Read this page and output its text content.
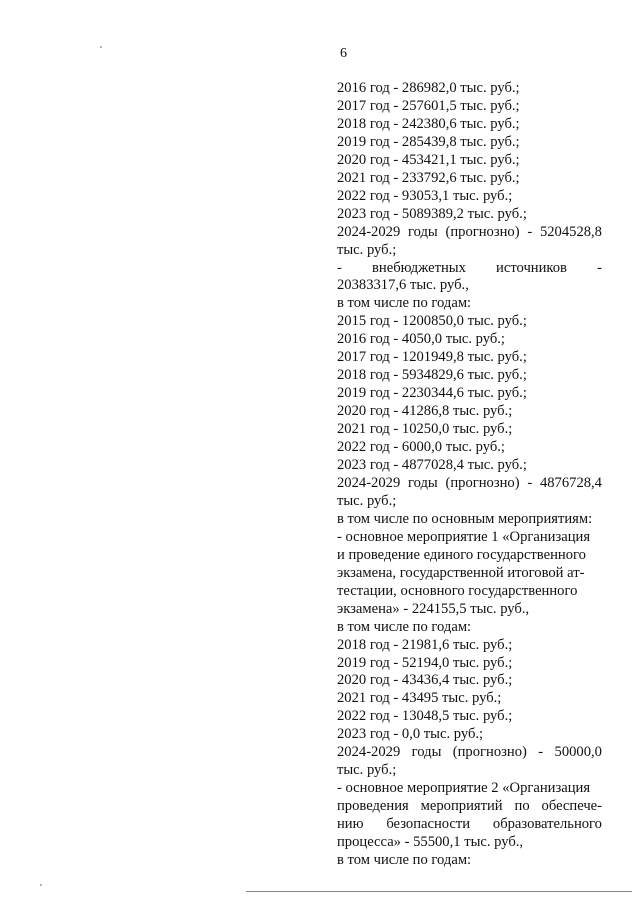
6
2016 год - 286982,0 тыс. руб.;
2017 год - 257601,5 тыс. руб.;
2018 год - 242380,6 тыс. руб.;
2019 год - 285439,8 тыс. руб.;
2020 год - 453421,1 тыс. руб.;
2021 год - 233792,6 тыс. руб.;
2022 год - 93053,1 тыс. руб.;
2023 год - 5089389,2 тыс. руб.;
2024-2029 годы (прогнозно) - 5204528,8
тыс. руб.;
- внебюджетных источников -
20383317,6 тыс. руб.,
в том числе по годам:
2015 год - 1200850,0 тыс. руб.;
2016 год - 4050,0 тыс. руб.;
2017 год - 1201949,8 тыс. руб.;
2018 год - 5934829,6 тыс. руб.;
2019 год - 2230344,6 тыс. руб.;
2020 год - 41286,8 тыс. руб.;
2021 год - 10250,0 тыс. руб.;
2022 год - 6000,0 тыс. руб.;
2023 год - 4877028,4 тыс. руб.;
2024-2029 годы (прогнозно) - 4876728,4
тыс. руб.;
в том числе по основным мероприятиям:
- основное мероприятие 1 «Организация
и проведение единого государственного
экзамена, государственной итоговой ат-
тестации, основного государственного
экзамена» - 224155,5 тыс. руб.,
в том числе по годам:
2018 год - 21981,6 тыс. руб.;
2019 год - 52194,0 тыс. руб.;
2020 год - 43436,4 тыс. руб.;
2021 год - 43495 тыс. руб.;
2022 год - 13048,5 тыс. руб.;
2023 год - 0,0 тыс. руб.;
2024-2029 годы (прогнозно) - 50000,0
тыс. руб.;
- основное мероприятие 2 «Организация
проведения мероприятий по обеспече-
нию безопасности образовательного
процесса» - 55500,1 тыс. руб.,
в том числе по годам:
